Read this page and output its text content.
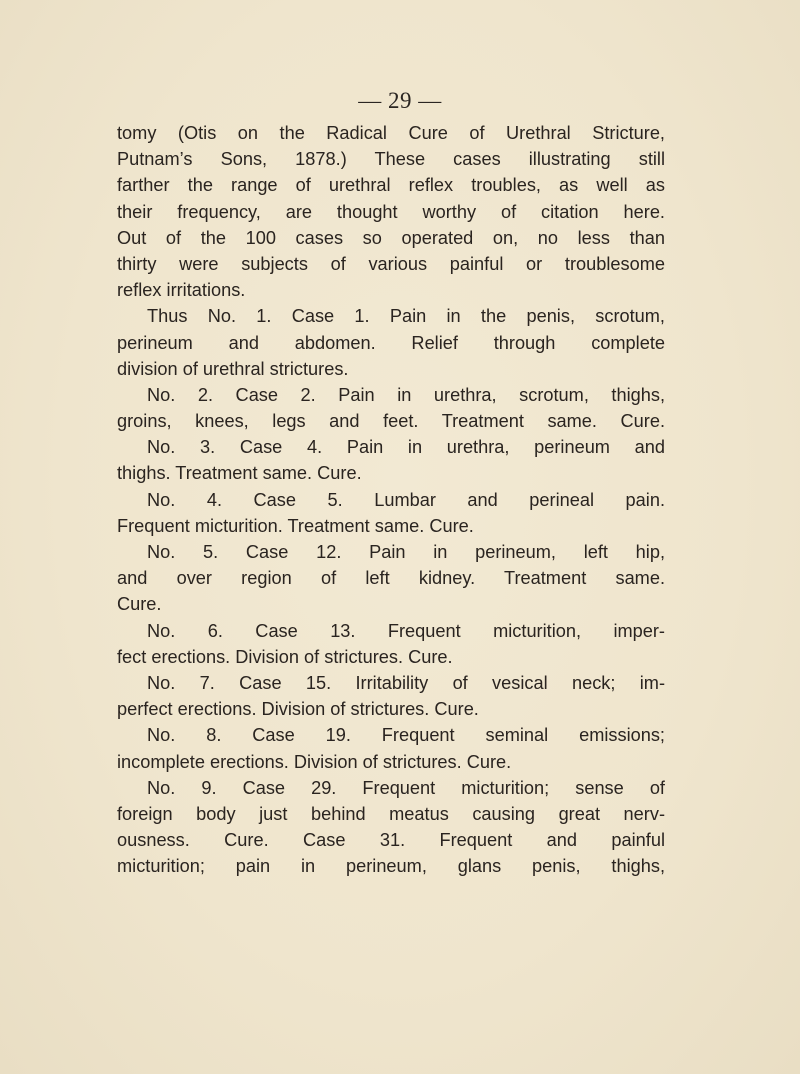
— 29 —
tomy (Otis on the Radical Cure of Urethral Stricture,
Putnam’s Sons, 1878.) These cases illustrating still
farther the range of urethral reflex troubles, as well as
their frequency, are thought worthy of citation here.
Out of the 100 cases so operated on, no less than
thirty were subjects of various painful or troublesome
reflex irritations.
Thus No. 1. Case 1. Pain in the penis, scrotum,
perineum and abdomen. Relief through complete
division of urethral strictures.
No. 2. Case 2. Pain in urethra, scrotum, thighs,
groins, knees, legs and feet. Treatment same. Cure.
No. 3. Case 4. Pain in urethra, perineum and
thighs. Treatment same. Cure.
No. 4. Case 5. Lumbar and perineal pain.
Frequent micturition. Treatment same. Cure.
No. 5. Case 12. Pain in perineum, left hip,
and over region of left kidney. Treatment same.
Cure.
No. 6. Case 13. Frequent micturition, imper-
fect erections. Division of strictures. Cure.
No. 7. Case 15. Irritability of vesical neck; im-
perfect erections. Division of strictures. Cure.
No. 8. Case 19. Frequent seminal emissions;
incomplete erections. Division of strictures. Cure.
No. 9. Case 29. Frequent micturition; sense of
foreign body just behind meatus causing great nerv-
ousness. Cure. Case 31. Frequent and painful
micturition; pain in perineum, glans penis, thighs,
